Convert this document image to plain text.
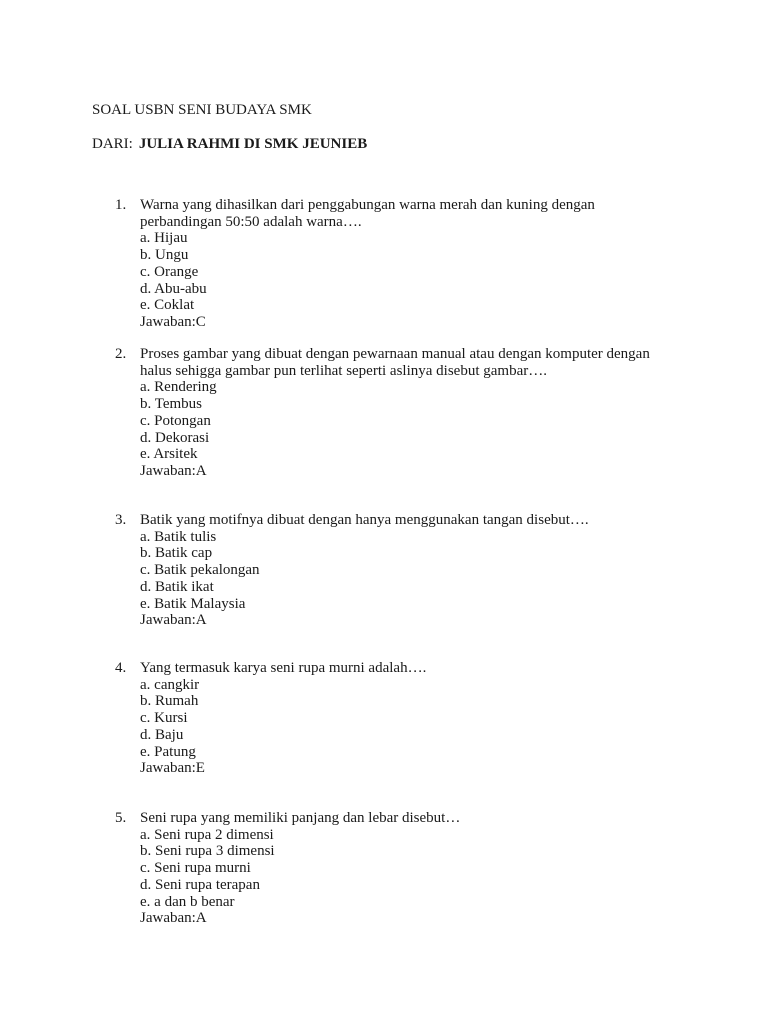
SOAL USBN SENI BUDAYA SMK
DARI: JULIA RAHMI DI SMK JEUNIEB
1. Warna yang dihasilkan dari penggabungan warna merah dan kuning dengan
perbandingan 50:50 adalah warna….
a. Hijau
b. Ungu
c. Orange
d. Abu-abu
e. Coklat
Jawaban:C
2. Proses gambar yang dibuat dengan pewarnaan manual atau dengan komputer dengan
halus sehigga gambar pun terlihat seperti aslinya disebut gambar….
a. Rendering
b. Tembus
c. Potongan
d. Dekorasi
e. Arsitek
Jawaban:A
3. Batik yang motifnya dibuat dengan hanya menggunakan tangan disebut….
a. Batik tulis
b. Batik cap
c. Batik pekalongan
d. Batik ikat
e. Batik Malaysia
Jawaban:A
4. Yang termasuk karya seni rupa murni adalah….
a. cangkir
b. Rumah
c. Kursi
d. Baju
e. Patung
Jawaban:E
5. Seni rupa yang memiliki panjang dan lebar disebut…
a. Seni rupa 2 dimensi
b. Seni rupa 3 dimensi
c. Seni rupa murni
d. Seni rupa terapan
e. a dan b benar
Jawaban:A
